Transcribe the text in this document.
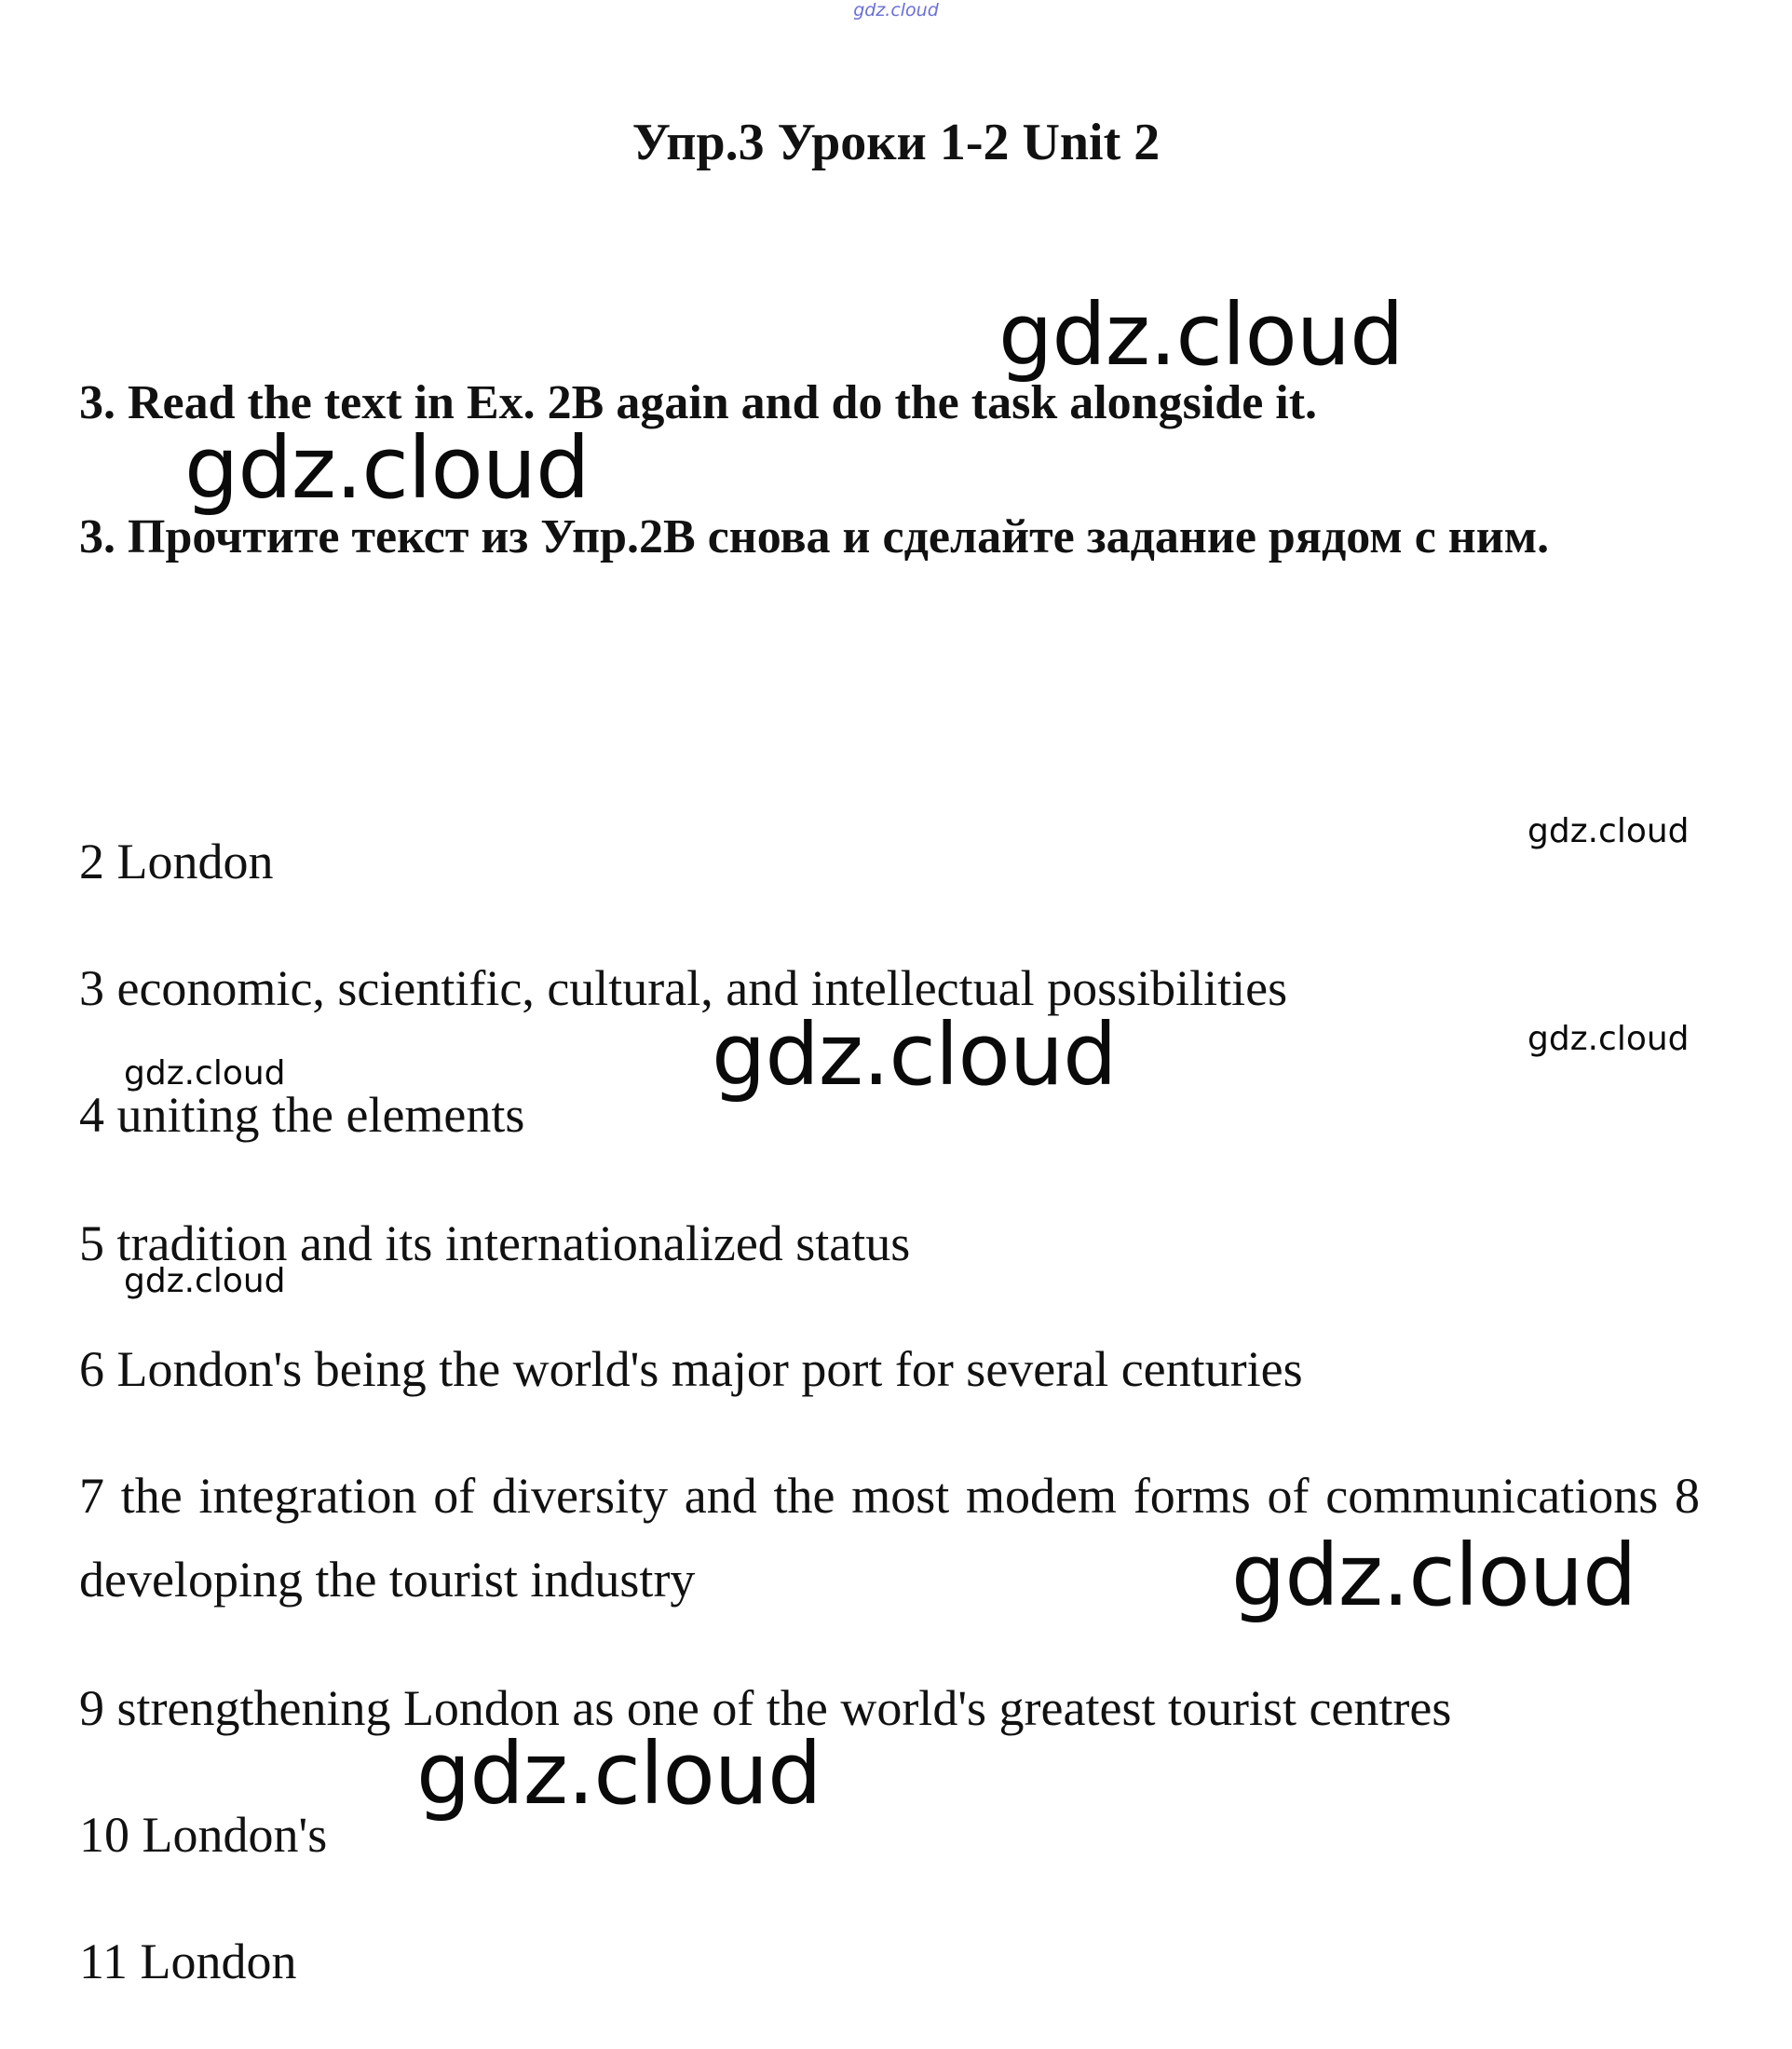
gdz.cloud
Упр.3 Уроки 1-2 Unit 2
3. Read the text in Ex. 2B again and do the task alongside it.
3. Прочтите текст из Упр.2B снова и сделайте задание рядом с ним.
2 London
3 economic, scientific, cultural, and intellectual possibilities
4 uniting the elements
5 tradition and its internationalized status
6 London's being the world's major port for several centuries
7 the integration of diversity and the most modem forms of communications 8 developing the tourist industry
9 strengthening London as one of the world's greatest tourist centres
10 London's
11 London
gdz.cloud
gdz.cloud
gdz.cloud
gdz.cloud
gdz.cloud
gdz.cloud
gdz.cloud
gdz.cloud
gdz.cloud
